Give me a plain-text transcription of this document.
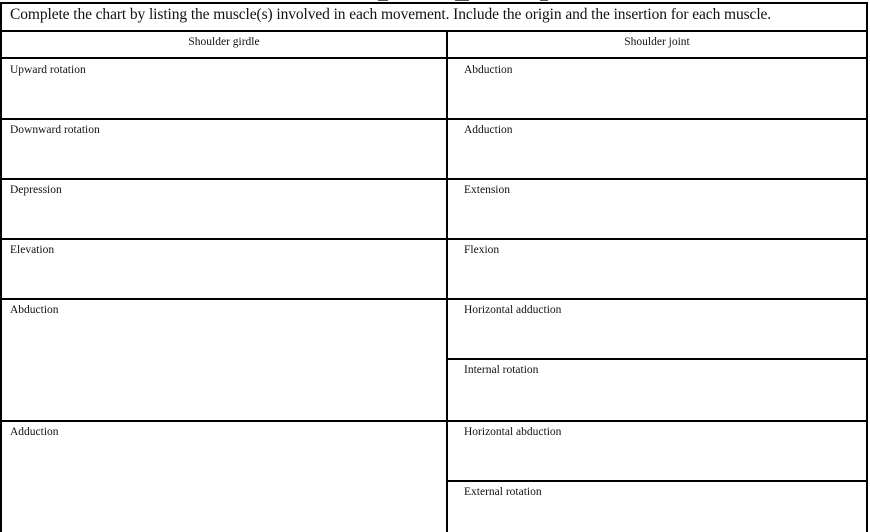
Complete the chart by listing the muscle(s) involved in each movement. Include the origin and the insertion for each muscle.
Shoulder girdle	Shoulder joint
Upward rotation
Downward rotation
Depression
Elevation
Abduction
Adduction
Abduction
Adduction
Extension
Flexion
Horizontal adduction
Internal rotation
Horizontal abduction
External rotation
